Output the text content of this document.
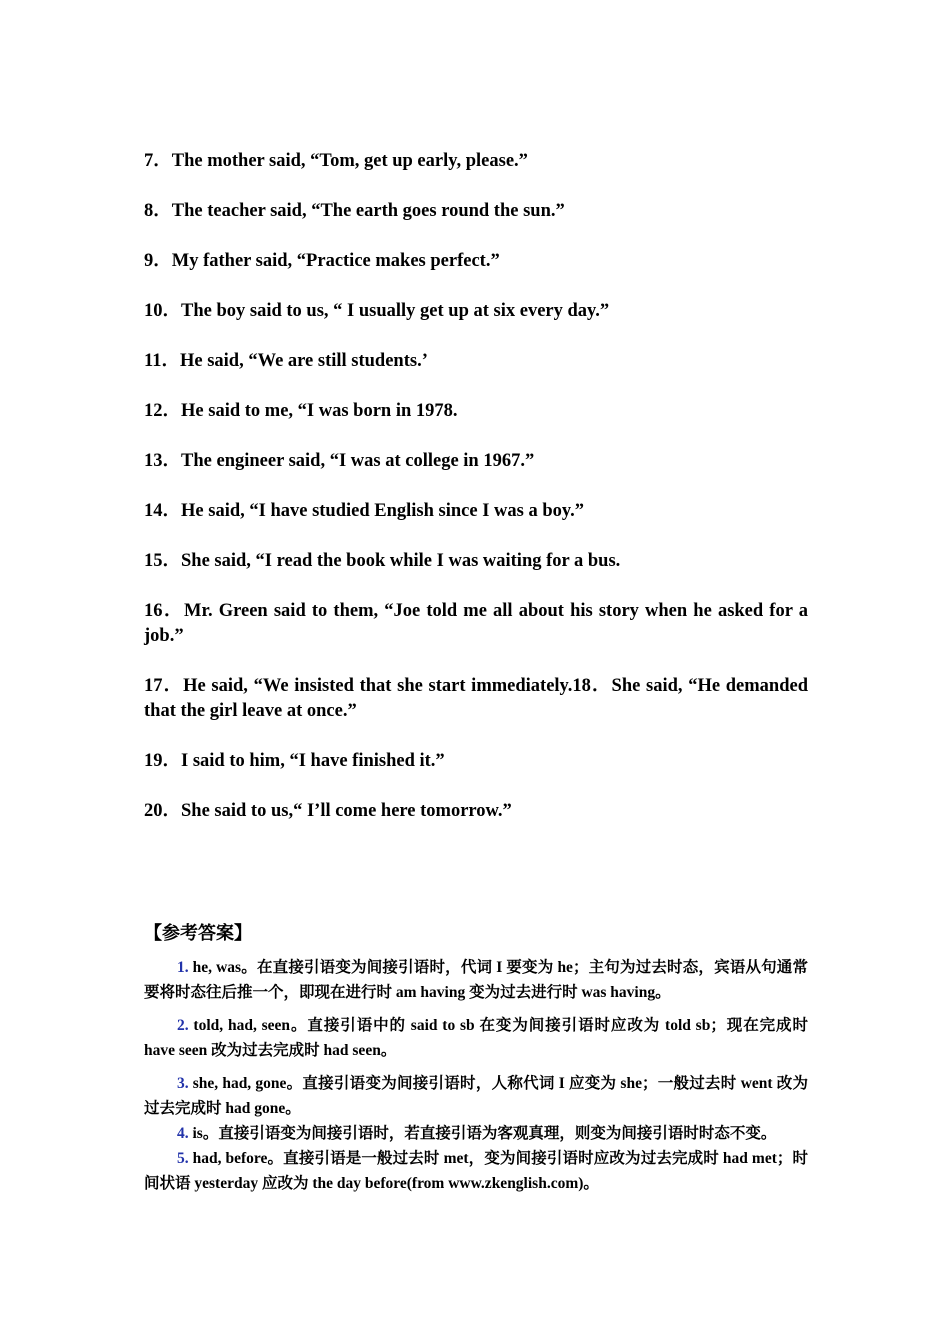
7．The mother said, “Tom, get up early, please.”

8．The teacher said, “The earth goes round the sun.”

9．My father said, “Practice makes perfect.”

10．The boy said to us, “ I usually get up at six every day.”

11．He said, “We are still students.’

12．He said to me, “I was born in 1978.

13．The engineer said, “I was at college in 1967.”

14．He said, “I have studied English since I was a boy.”

15．She said, “I read the book while I was waiting for a bus.

16．Mr. Green said to them, “Joe told me all about his story when he asked for a job.”

17．He said, “We insisted that she start immediately.18．She said, “He demanded that the girl leave at once.”

19．I said to him, “I have finished it.”

20．She said to us,“ I’ll come here tomorrow.”

【参考答案】

1. he, was。在直接引语变为间接引语时，代词 I 要变为 he；主句为过去时态，宾语从句通常要将时态往后推一个，即现在进行时 am having 变为过去进行时 was having。

2. told, had, seen。直接引语中的 said to sb 在变为间接引语时应改为 told sb；现在完成时 have seen 改为过去完成时 had seen。

3. she, had, gone。直接引语变为间接引语时，人称代词 I 应变为 she；一般过去时 went 改为过去完成时 had gone。

4. is。直接引语变为间接引语时，若直接引语为客观真理，则变为间接引语时时态不变。

5. had, before。直接引语是一般过去时 met，变为间接引语时应改为过去完成时 had met；时间状语 yesterday 应改为 the day before(from www.zkenglish.com)。
